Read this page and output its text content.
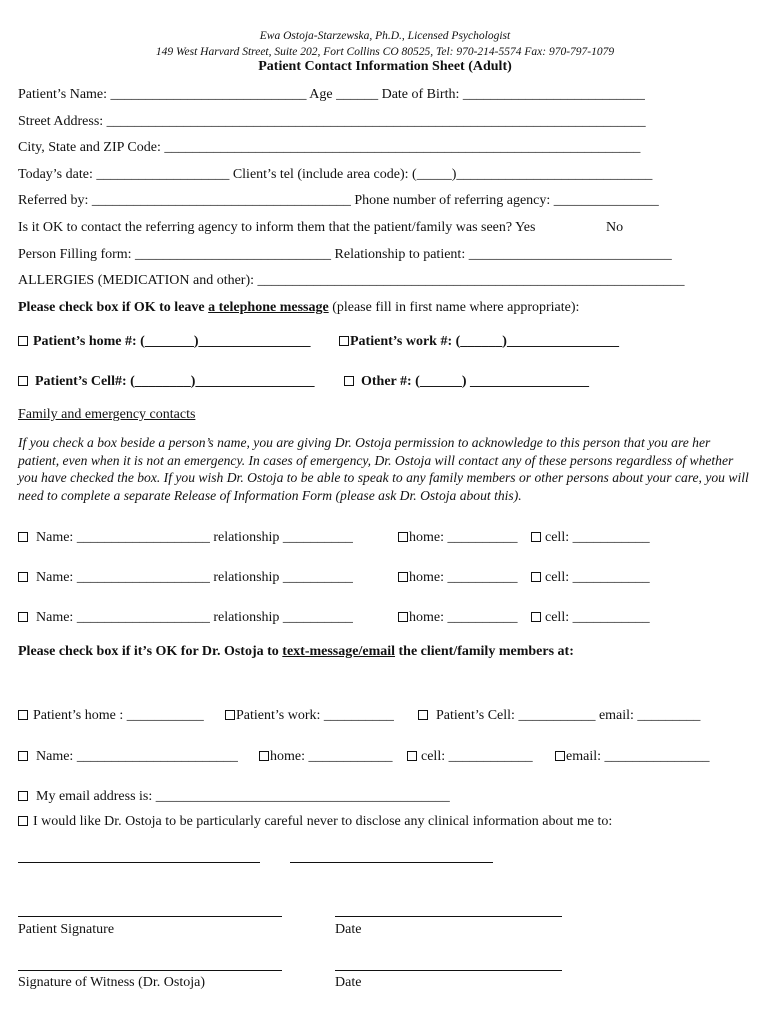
Ewa Ostoja-Starzewska, Ph.D., Licensed Psychologist
149 West Harvard Street, Suite 202, Fort Collins CO 80525, Tel: 970-214-5574 Fax: 970-797-1079
Patient Contact Information Sheet (Adult)
Patient’s Name: ____________________________ Age ______ Date of Birth: __________________________
Street Address: _____________________________________________________________________________
City, State and ZIP Code: ____________________________________________________________________
Today’s date: ___________________ Client’s tel (include area code): (_____)____________________________
Referred by: _____________________________________ Phone number of referring agency: _______________
Is it OK to contact the referring agency to inform them that the patient/family was seen? Yes	No
Person Filling form: ____________________________ Relationship to patient: _____________________________
ALLERGIES (MEDICATION and other): _____________________________________________________________
Please check box if OK to leave a telephone message (please fill in first name where appropriate):
Patient’s home #: (_______)________________	Patient’s work #: (______)________________
Patient’s Cell#: (________)_________________	Other #: (______) _________________
Family and emergency contacts
If you check a box beside a person’s name, you are giving Dr. Ostoja permission to acknowledge to this person that you are her patient, even when it is not an emergency. In cases of emergency, Dr. Ostoja will contact any of these persons regardless of whether you have checked the box. If you wish Dr. Ostoja to be able to speak to any family members or other persons about your care, you will need to complete a separate Release of Information Form (please ask Dr. Ostoja about this).
Name: ___________________ relationship __________	home: __________	cell: ___________
Name: ___________________ relationship __________	home: __________	cell: ___________
Name: ___________________ relationship __________	home: __________	cell: ___________
Please check box if it’s OK for Dr. Ostoja to text-message/email the client/family members at:
Patient’s home : ___________	Patient’s work: __________	Patient’s Cell: ___________ email: _________
Name: _______________________	home: ____________	cell: ____________	email: _______________
My email address is: __________________________________________
I would like Dr. Ostoja to be particularly careful never to disclose any clinical information about me to:
Patient Signature	Date
Signature of Witness (Dr. Ostoja)	Date
